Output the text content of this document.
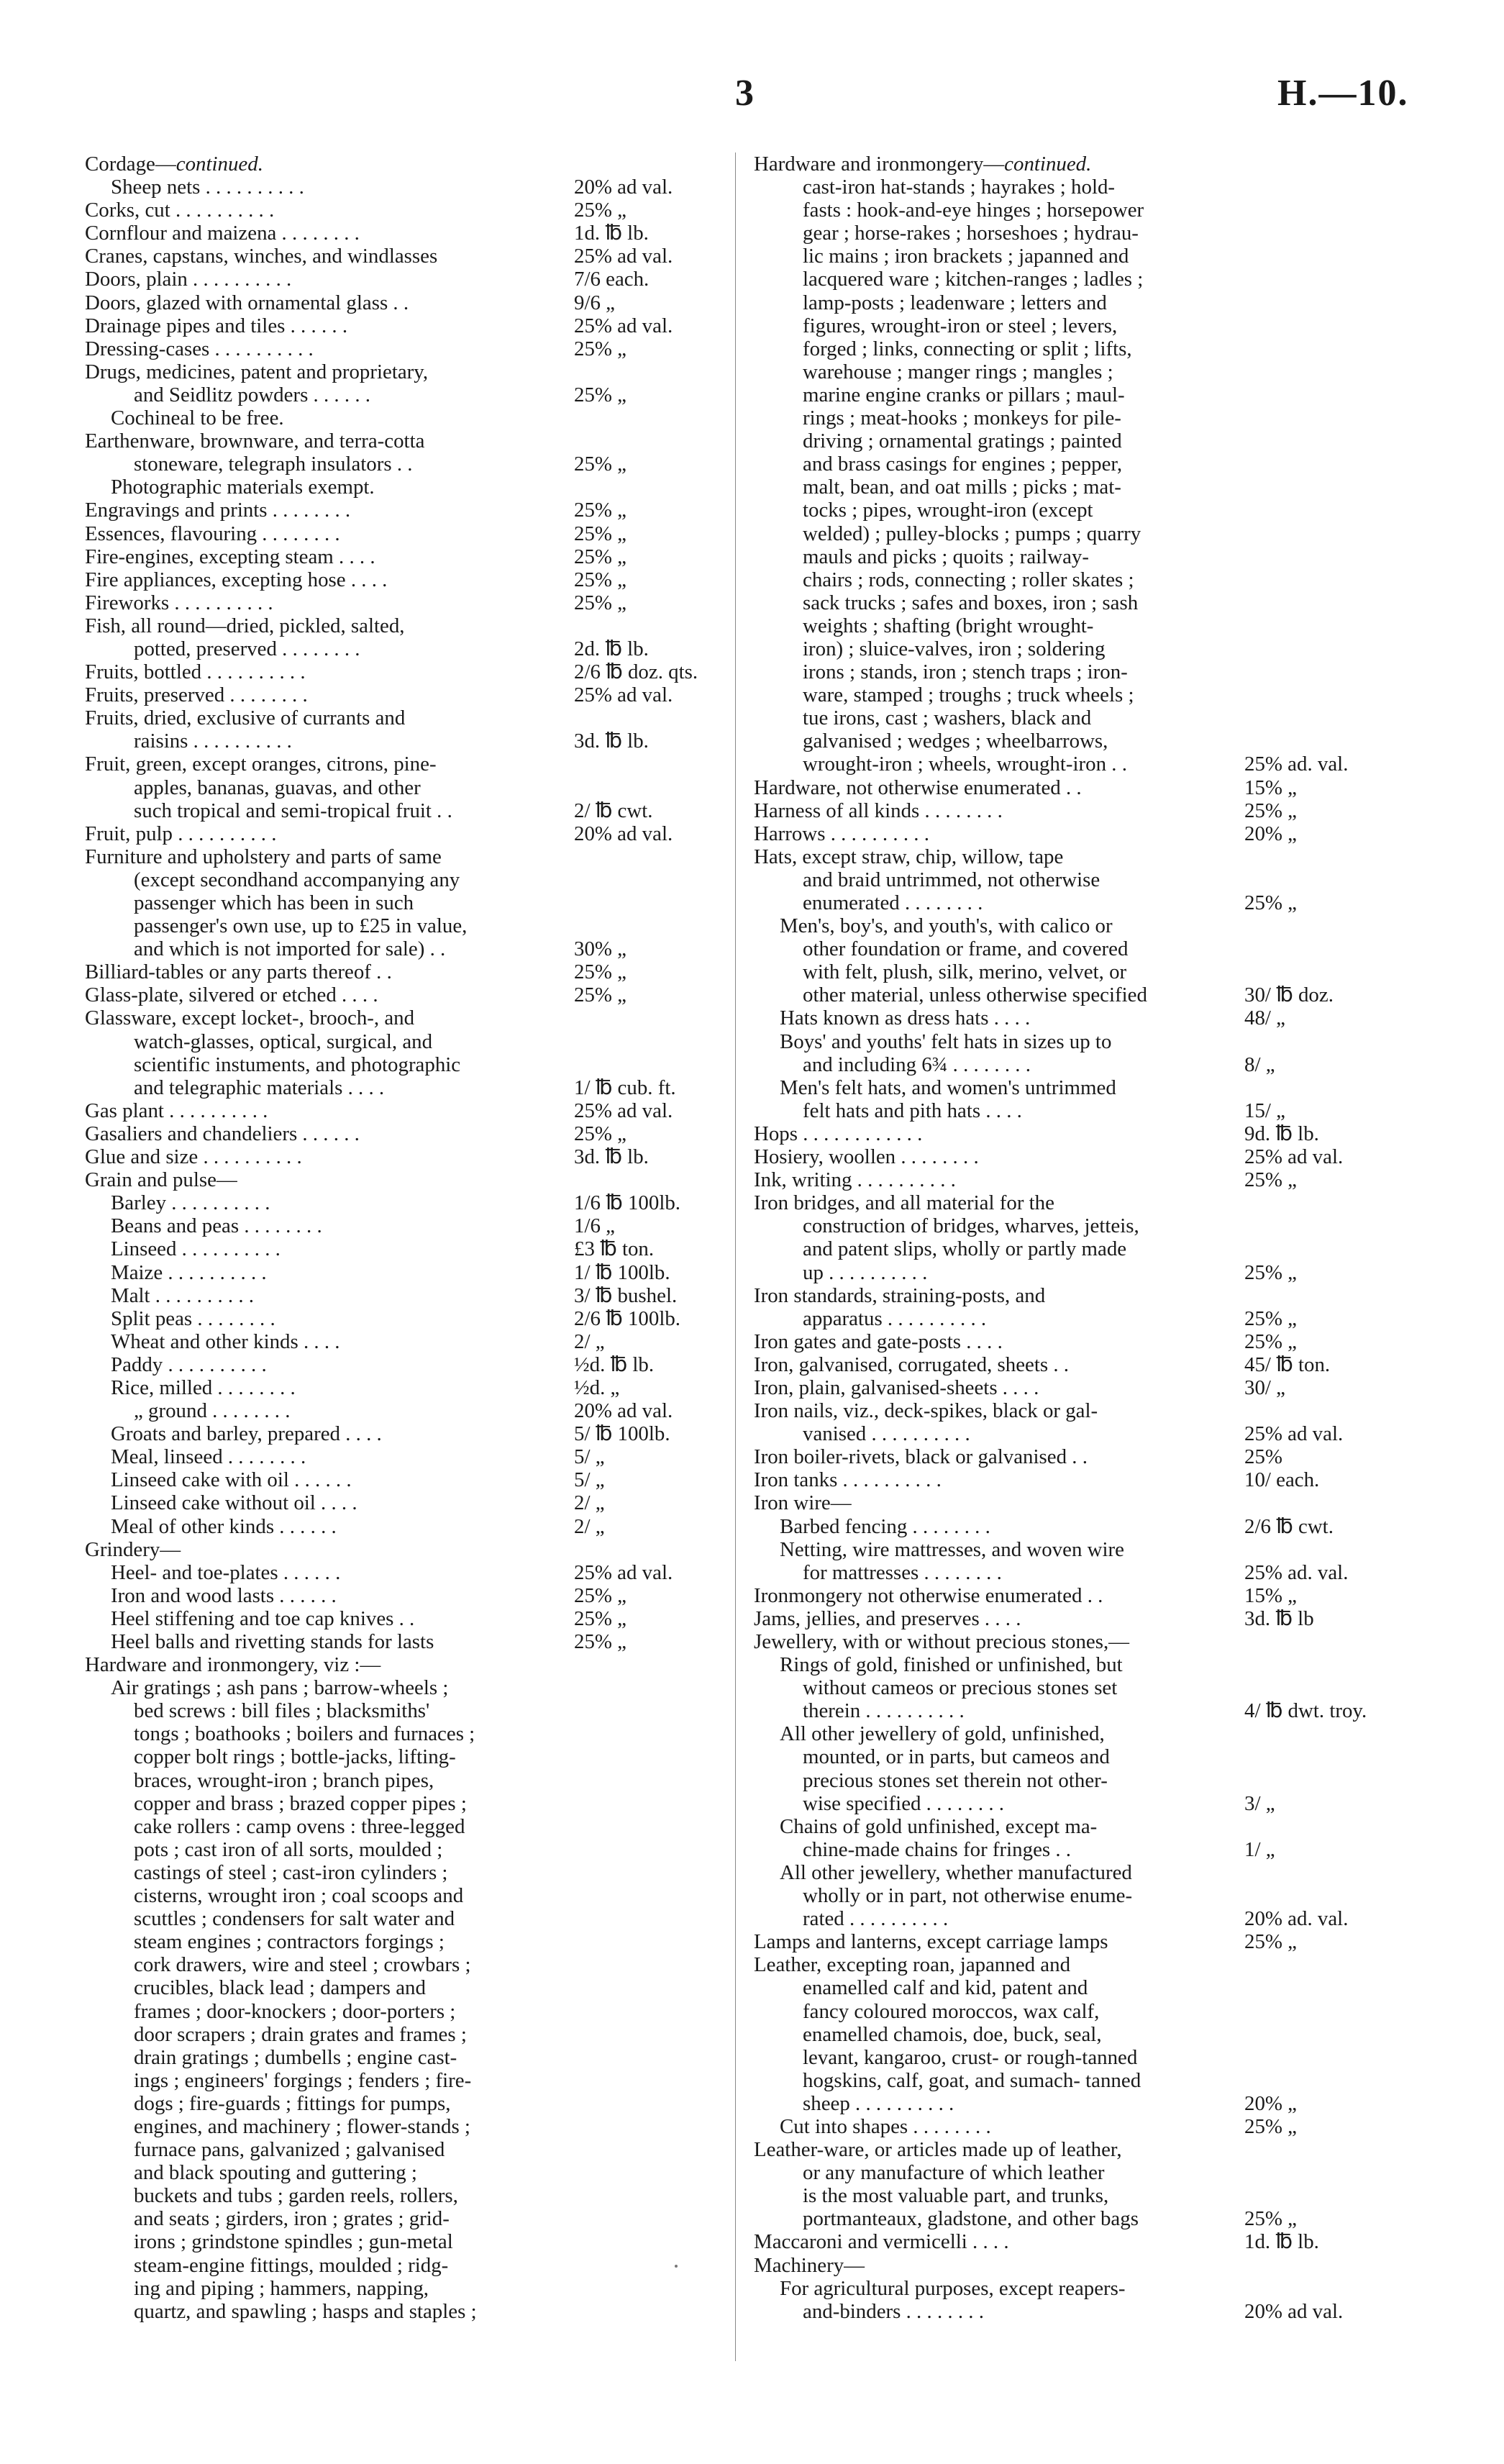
3	H.—10.
Cordage—continued.
Sheep nets . . . . . . . . . .	20% ad val.
Corks, cut . . . . . . . . . .	25% „
Cornflour and maizena . . . . . . . .	1d. ℔ lb.
Cranes, capstans, winches, and windlasses	25% ad val.
Doors, plain . . . . . . . . . .	7/6 each.
Doors, glazed with ornamental glass . .	9/6 „
Drainage pipes and tiles . . . . . .	25% ad val.
Dressing-cases . . . . . . . . . .	25% „
Drugs, medicines, patent and proprietary,
and Seidlitz powders . . . . . .	25% „
Cochineal to be free.
Earthenware, brownware, and terra-cotta
stoneware, telegraph insulators . .	25% „
Photographic materials exempt.
Engravings and prints . . . . . . . .	25% „
Essences, flavouring . . . . . . . .	25% „
Fire-engines, excepting steam . . . .	25% „
Fire appliances, excepting hose . . . .	25% „
Fireworks . . . . . . . . . .	25% „
Fish, all round—dried, pickled, salted,
potted, preserved . . . . . . . .	2d. ℔ lb.
Fruits, bottled . . . . . . . . . .	2/6 ℔ doz. qts.
Fruits, preserved . . . . . . . .	25% ad val.
Fruits, dried, exclusive of currants and
raisins . . . . . . . . . .	3d. ℔ lb.
Fruit, green, except oranges, citrons, pine-
apples, bananas, guavas, and other
such tropical and semi-tropical fruit . .	2/ ℔ cwt.
Fruit, pulp . . . . . . . . . .	20% ad val.
Furniture and upholstery and parts of same
(except secondhand accompanying any
passenger which has been in such
passenger's own use, up to £25 in value,
and which is not imported for sale) . .	30% „
Billiard-tables or any parts thereof . .	25% „
Glass-plate, silvered or etched . . . .	25% „
Glassware, except locket-, brooch-, and
watch-glasses, optical, surgical, and
scientific instuments, and photographic
and telegraphic materials . . . .	1/ ℔ cub. ft.
Gas plant . . . . . . . . . .	25% ad val.
Gasaliers and chandeliers . . . . . .	25% „
Glue and size . . . . . . . . . .	3d. ℔ lb.
Grain and pulse—
Barley . . . . . . . . . .	1/6 ℔ 100lb.
Beans and peas . . . . . . . .	1/6 „
Linseed . . . . . . . . . .	£3 ℔ ton.
Maize . . . . . . . . . .	1/ ℔ 100lb.
Malt . . . . . . . . . .	3/ ℔ bushel.
Split peas . . . . . . . .	2/6 ℔ 100lb.
Wheat and other kinds . . . .	2/ „
Paddy . . . . . . . . . .	½d. ℔ lb.
Rice, milled . . . . . . . .	½d. „
„ ground . . . . . . . .	20% ad val.
Groats and barley, prepared . . . .	5/ ℔ 100lb.
Meal, linseed . . . . . . . .	5/ „
Linseed cake with oil . . . . . .	5/ „
Linseed cake without oil . . . .	2/ „
Meal of other kinds . . . . . .	2/ „
Grindery—
Heel- and toe-plates . . . . . .	25% ad val.
Iron and wood lasts . . . . . .	25% „
Heel stiffening and toe cap knives . .	25% „
Heel balls and rivetting stands for lasts	25% „
Hardware and ironmongery, viz :—
Air gratings ; ash pans ; barrow-wheels ;
bed screws : bill files ; blacksmiths'
tongs ; boathooks ; boilers and furnaces ;
copper bolt rings ; bottle-jacks, lifting-
braces, wrought-iron ; branch pipes,
copper and brass ; brazed copper pipes ;
cake rollers : camp ovens : three-legged
pots ; cast iron of all sorts, moulded ;
castings of steel ; cast-iron cylinders ;
cisterns, wrought iron ; coal scoops and
scuttles ; condensers for salt water and
steam engines ; contractors forgings ;
cork drawers, wire and steel ; crowbars ;
crucibles, black lead ; dampers and
frames ; door-knockers ; door-porters ;
door scrapers ; drain grates and frames ;
drain gratings ; dumbells ; engine cast-
ings ; engineers' forgings ; fenders ; fire-
dogs ; fire-guards ; fittings for pumps,
engines, and machinery ; flower-stands ;
furnace pans, galvanized ; galvanised
and black spouting and guttering ;
buckets and tubs ; garden reels, rollers,
and seats ; girders, iron ; grates ; grid-
irons ; grindstone spindles ; gun-metal
steam-engine fittings, moulded ; ridg-
ing and piping ; hammers, napping,
quartz, and spawling ; hasps and staples ;
Hardware and ironmongery—continued.
cast-iron hat-stands ; hayrakes ; hold-
fasts : hook-and-eye hinges ; horsepower
gear ; horse-rakes ; horseshoes ; hydrau-
lic mains ; iron brackets ; japanned and
lacquered ware ; kitchen-ranges ; ladles ;
lamp-posts ; leadenware ; letters and
figures, wrought-iron or steel ; levers,
forged ; links, connecting or split ; lifts,
warehouse ; manger rings ; mangles ;
marine engine cranks or pillars ; maul-
rings ; meat-hooks ; monkeys for pile-
driving ; ornamental gratings ; painted
and brass casings for engines ; pepper,
malt, bean, and oat mills ; picks ; mat-
tocks ; pipes, wrought-iron (except
welded) ; pulley-blocks ; pumps ; quarry
mauls and picks ; quoits ; railway-
chairs ; rods, connecting ; roller skates ;
sack trucks ; safes and boxes, iron ; sash
weights ; shafting (bright wrought-
iron) ; sluice-valves, iron ; soldering
irons ; stands, iron ; stench traps ; iron-
ware, stamped ; troughs ; truck wheels ;
tue irons, cast ; washers, black and
galvanised ; wedges ; wheelbarrows,
wrought-iron ; wheels, wrought-iron . .	25% ad. val.
Hardware, not otherwise enumerated . .	15% „
Harness of all kinds . . . . . . . .	25% „
Harrows . . . . . . . . . .	20% „
Hats, except straw, chip, willow, tape
and braid untrimmed, not otherwise
enumerated . . . . . . . .	25% „
Men's, boy's, and youth's, with calico or
other foundation or frame, and covered
with felt, plush, silk, merino, velvet, or
other material, unless otherwise specified	30/ ℔ doz.
Hats known as dress hats . . . .	48/ „
Boys' and youths' felt hats in sizes up to
and including 6¾ . . . . . . . .	8/ „
Men's felt hats, and women's untrimmed
felt hats and pith hats . . . .	15/ „
Hops . . . . . . . . . . . .	9d. ℔ lb.
Hosiery, woollen . . . . . . . .	25% ad val.
Ink, writing . . . . . . . . . .	25% „
Iron bridges, and all material for the
construction of bridges, wharves, jetteis,
and patent slips, wholly or partly made
up . . . . . . . . . .	25% „
Iron standards, straining-posts, and
apparatus . . . . . . . . . .	25% „
Iron gates and gate-posts . . . .	25% „
Iron, galvanised, corrugated, sheets . .	45/ ℔ ton.
Iron, plain, galvanised-sheets . . . .	30/ „
Iron nails, viz., deck-spikes, black or gal-
vanised . . . . . . . . . .	25% ad val.
Iron boiler-rivets, black or galvanised . .	25%
Iron tanks . . . . . . . . . .	10/ each.
Iron wire—
Barbed fencing . . . . . . . .	2/6 ℔ cwt.
Netting, wire mattresses, and woven wire
for mattresses . . . . . . . .	25% ad. val.
Ironmongery not otherwise enumerated . .	15% „
Jams, jellies, and preserves . . . .	3d. ℔ lb
Jewellery, with or without precious stones,—
Rings of gold, finished or unfinished, but
without cameos or precious stones set
therein . . . . . . . . . .	4/ ℔ dwt. troy.
All other jewellery of gold, unfinished,
mounted, or in parts, but cameos and
precious stones set therein not other-
wise specified . . . . . . . .	3/ „
Chains of gold unfinished, except ma-
chine-made chains for fringes . .	1/ „
All other jewellery, whether manufactured
wholly or in part, not otherwise enume-
rated . . . . . . . . . .	20% ad. val.
Lamps and lanterns, except carriage lamps	25% „
Leather, excepting roan, japanned and
enamelled calf and kid, patent and
fancy coloured moroccos, wax calf,
enamelled chamois, doe, buck, seal,
levant, kangaroo, crust- or rough-tanned
hogskins, calf, goat, and sumach- tanned
sheep . . . . . . . . . .	20% „
Cut into shapes . . . . . . . .	25% „
Leather-ware, or articles made up of leather,
or any manufacture of which leather
is the most valuable part, and trunks,
portmanteaux, gladstone, and other bags	25% „
Maccaroni and vermicelli . . . .	1d. ℔ lb.
Machinery—
For agricultural purposes, except reapers-
and-binders . . . . . . . .	20% ad val.
